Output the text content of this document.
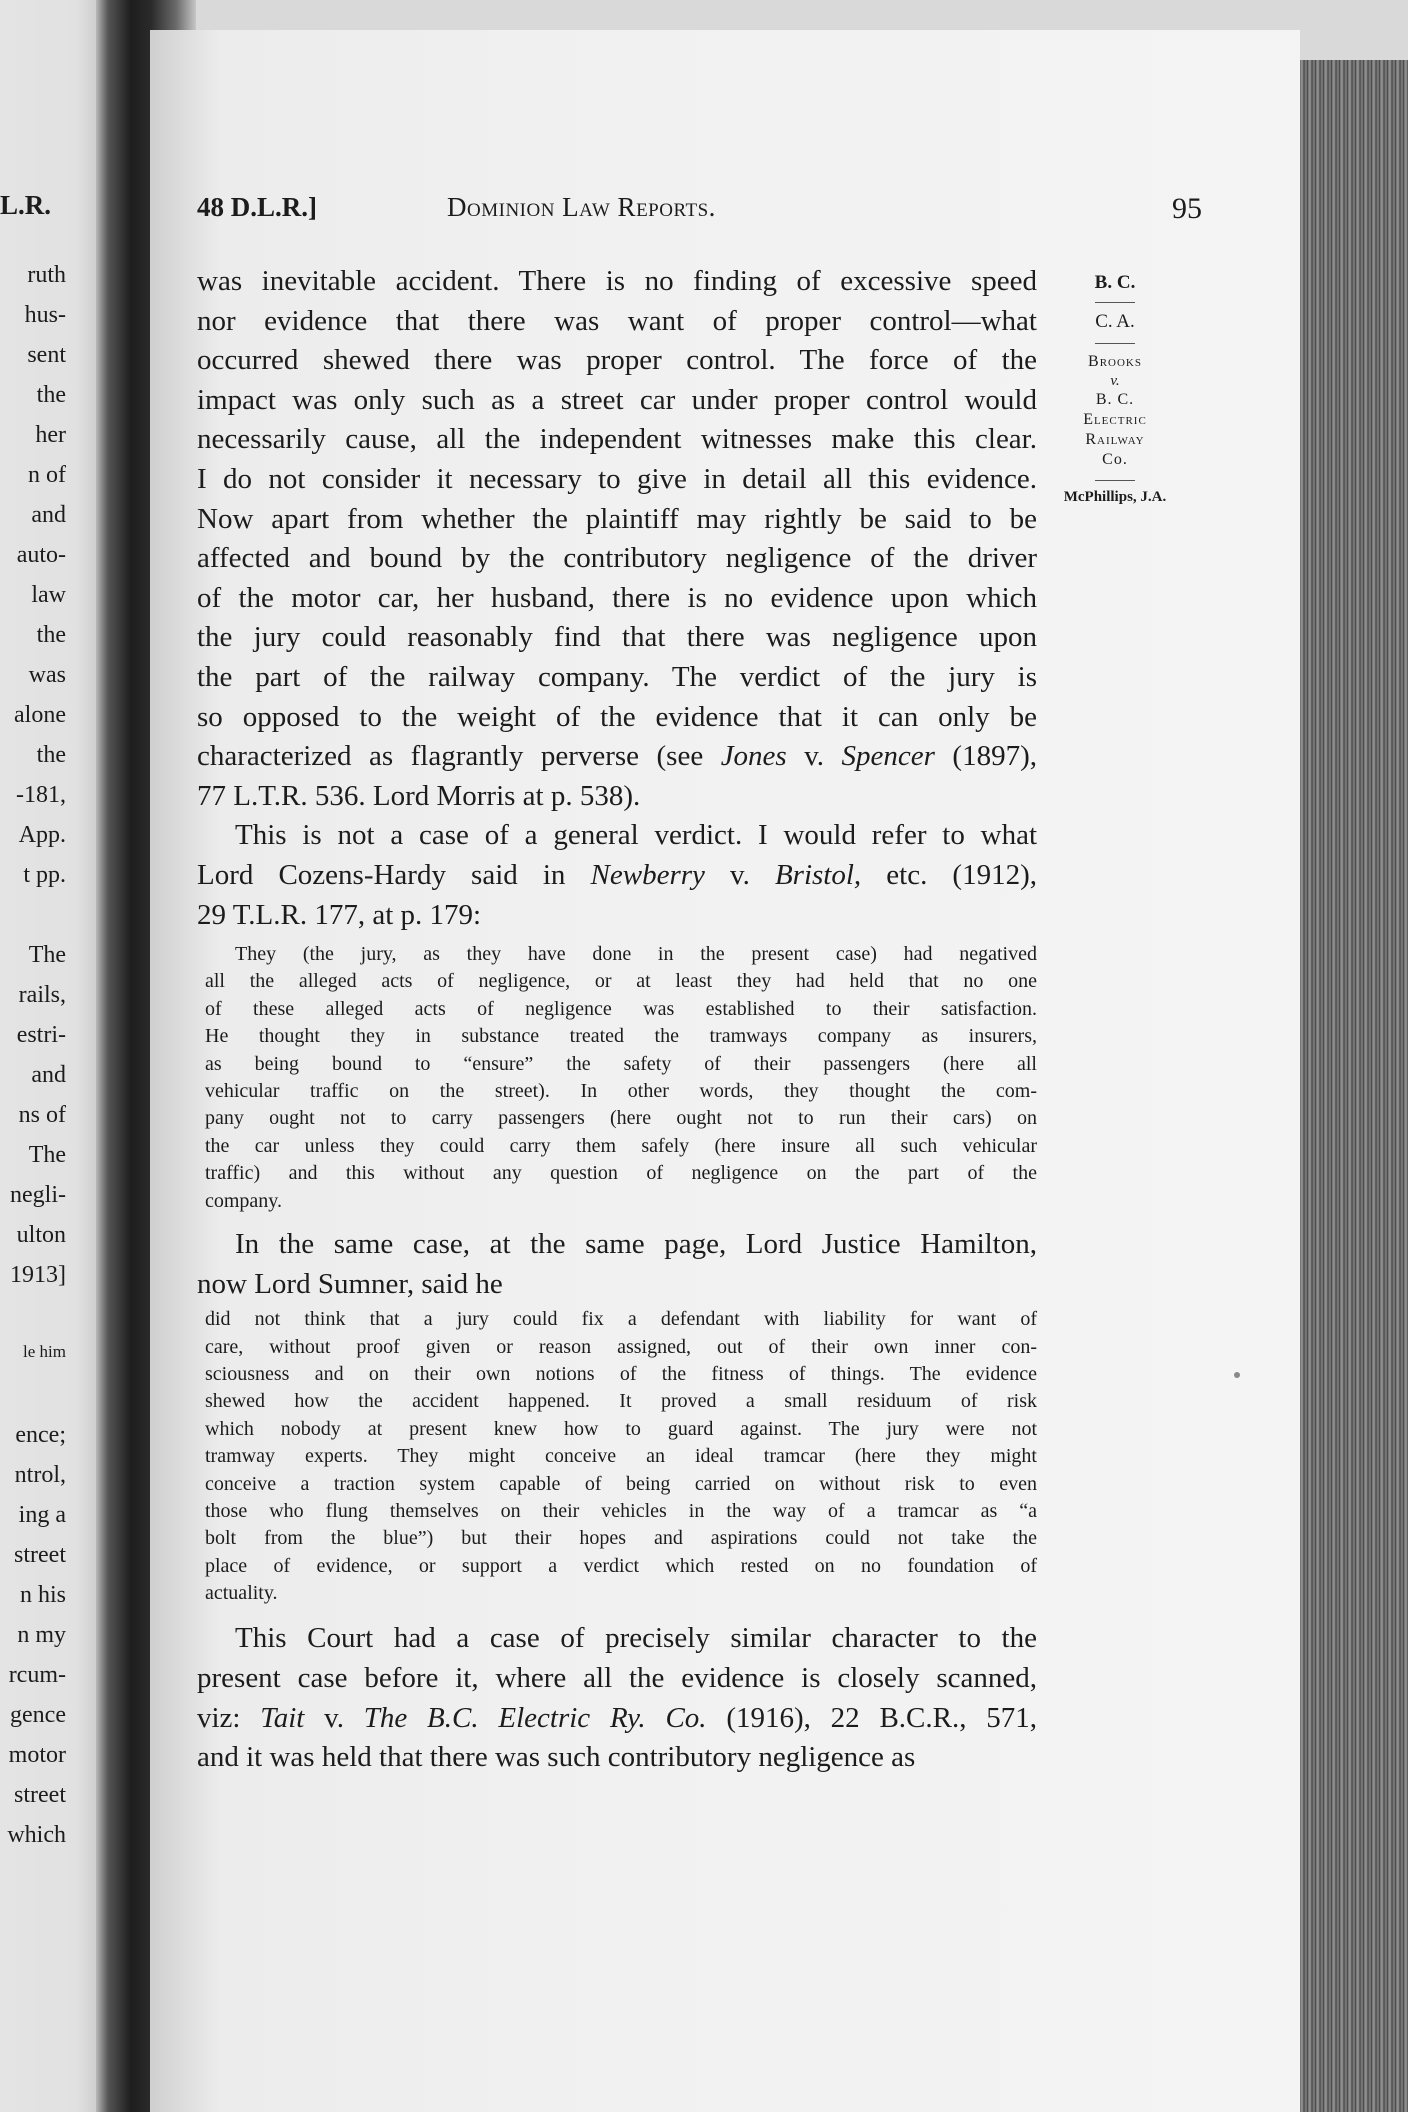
L.R.
ruth
hus-
sent
the
her
n of
and
auto-
law
the
was
alone
the
-181,
App.
t pp.
The
rails,
estri-
and
ns of
The
negli-
ulton
1913]
le him
ence;
ntrol,
ing a
street
n his
n my
rcum-
gence
motor
street
which
48 D.L.R.]	Dominion Law Reports.	95
B. C.
C. A.
Brooks
v.
B. C.
Electric
Railway
Co.
McPhillips, J.A.
was inevitable accident. There is no finding of excessive speed
nor evidence that there was want of proper control—what
occurred shewed there was proper control. The force of the
impact was only such as a street car under proper control would
necessarily cause, all the independent witnesses make this clear.
I do not consider it necessary to give in detail all this evidence.
Now apart from whether the plaintiff may rightly be said to be
affected and bound by the contributory negligence of the driver
of the motor car, her husband, there is no evidence upon which
the jury could reasonably find that there was negligence upon
the part of the railway company. The verdict of the jury is
so opposed to the weight of the evidence that it can only be
characterized as flagrantly perverse (see Jones v. Spencer (1897),
77 L.T.R. 536. Lord Morris at p. 538).
This is not a case of a general verdict. I would refer to what
Lord Cozens-Hardy said in Newberry v. Bristol, etc. (1912),
29 T.L.R. 177, at p. 179:
They (the jury, as they have done in the present case) had negatived
all the alleged acts of negligence, or at least they had held that no one
of these alleged acts of negligence was established to their satisfaction.
He thought they in substance treated the tramways company as insurers,
as being bound to “ensure” the safety of their passengers (here all
vehicular traffic on the street). In other words, they thought the com-
pany ought not to carry passengers (here ought not to run their cars) on
the car unless they could carry them safely (here insure all such vehicular
traffic) and this without any question of negligence on the part of the
company.
In the same case, at the same page, Lord Justice Hamilton,
now Lord Sumner, said he
did not think that a jury could fix a defendant with liability for want of
care, without proof given or reason assigned, out of their own inner con-
sciousness and on their own notions of the fitness of things. The evidence
shewed how the accident happened. It proved a small residuum of risk
which nobody at present knew how to guard against. The jury were not
tramway experts. They might conceive an ideal tramcar (here they might
conceive a traction system capable of being carried on without risk to even
those who flung themselves on their vehicles in the way of a tramcar as “a
bolt from the blue”) but their hopes and aspirations could not take the
place of evidence, or support a verdict which rested on no foundation of
actuality.
This Court had a case of precisely similar character to the
present case before it, where all the evidence is closely scanned,
viz: Tait v. The B.C. Electric Ry. Co. (1916), 22 B.C.R., 571,
and it was held that there was such contributory negligence as
